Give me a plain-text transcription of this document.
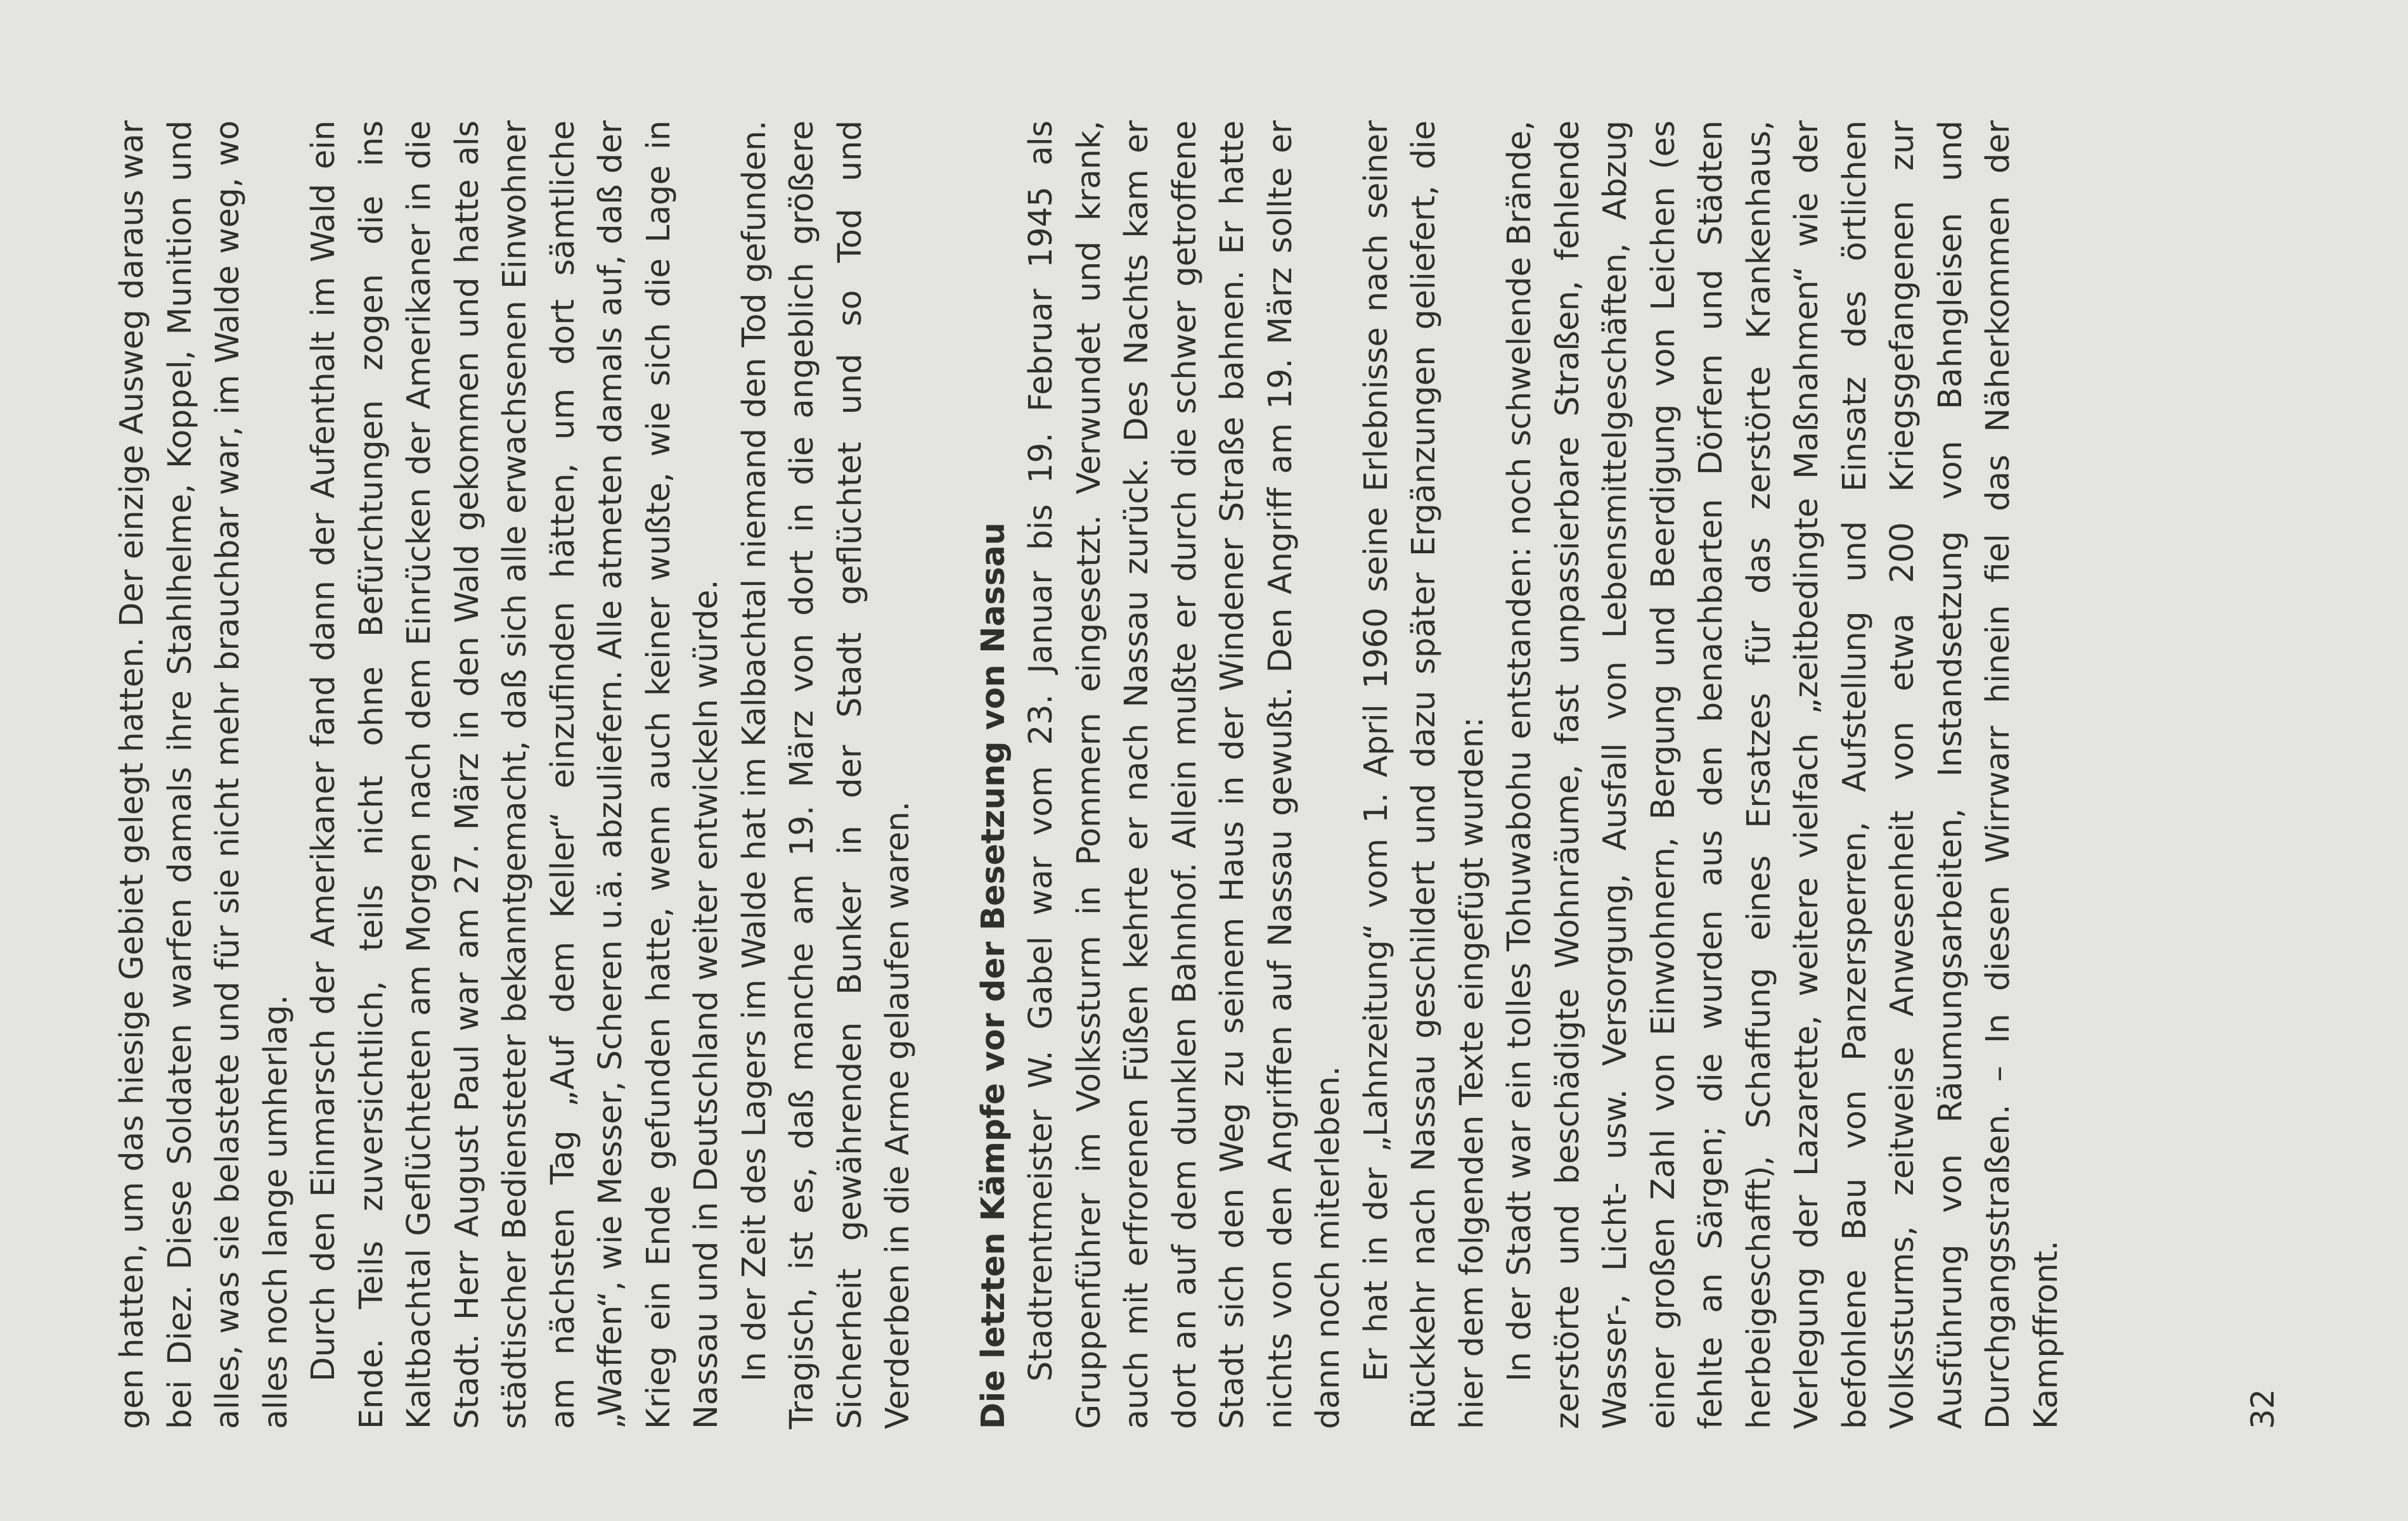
gen hatten, um das hiesige Gebiet gelegt hatten. Der einzige Ausweg daraus war bei Diez. Diese Soldaten warfen damals ihre Stahlhelme, Koppel, Munition und alles, was sie belastete und für sie nicht mehr brauchbar war, im Walde weg, wo alles noch lange umherlag. Durch den Einmarsch der Amerikaner fand dann der Aufenthalt im Wald ein Ende. Teils zuversichtlich, teils nicht ohne Befürchtungen zogen die ins Kaltbachtal Geflüchteten am Morgen nach dem Einrücken der Amerikaner in die Stadt. Herr August Paul war am 27. März in den Wald gekommen und hatte als städtischer Bediensteter bekanntgemacht, daß sich alle erwachsenen Einwohner am nächsten Tag „Auf dem Keller“ einzufinden hätten, um dort sämtliche „Waffen“, wie Messer, Scheren u.ä. abzuliefern. Alle atmeten damals auf, daß der Krieg ein Ende gefunden hatte, wenn auch keiner wußte, wie sich die Lage in Nassau und in Deutschland weiter entwickeln würde. In der Zeit des Lagers im Walde hat im Kalbachtal niemand den Tod gefunden. Tragisch, ist es, daß manche am 19. März von dort in die angeblich größere Sicherheit gewährenden Bunker in der Stadt geflüchtet und so Tod und Verderben in die Arme gelaufen waren. Die letzten Kämpfe vor der Besetzung von Nassau Stadtrentmeister W. Gabel war vom 23. Januar bis 19. Februar 1945 als Gruppenführer im Volkssturm in Pommern eingesetzt. Verwundet und krank, auch mit erfrorenen Füßen kehrte er nach Nassau zurück. Des Nachts kam er dort an auf dem dunklen Bahnhof. Allein mußte er durch die schwer getroffene Stadt sich den Weg zu seinem Haus in der Windener Straße bahnen. Er hatte nichts von den Angriffen auf Nassau gewußt. Den Angriff am 19. März sollte er dann noch miterleben. Er hat in der „Lahnzeitung“ vom 1. April 1960 seine Erlebnisse nach seiner Rückkehr nach Nassau geschildert und dazu später Ergänzungen geliefert, die hier dem folgenden Texte eingefügt wurden: In der Stadt war ein tolles Tohuwabohu entstanden: noch schwelende Brände, zerstörte und beschädigte Wohnräume, fast unpassierbare Straßen, fehlende Wasser-, Licht- usw. Versorgung, Ausfall von Lebensmittelgeschäften, Abzug einer großen Zahl von Einwohnern, Bergung und Beerdigung von Leichen (es fehlte an Särgen; die wurden aus den benachbarten Dörfern und Städten herbeigeschafft), Schaffung eines Ersatzes für das zerstörte Krankenhaus, Verlegung der Lazarette, weitere vielfach „zeitbedingte Maßnahmen“ wie der befohlene Bau von Panzersperren, Aufstellung und Einsatz des örtlichen Volkssturms, zeitweise Anwesenheit von etwa 200 Kriegsgefangenen zur Ausführung von Räumungsarbeiten, Instandsetzung von Bahngleisen und Durchgangsstraßen. – In diesen Wirrwarr hinein fiel das Näherkommen der Kampffront.	32
